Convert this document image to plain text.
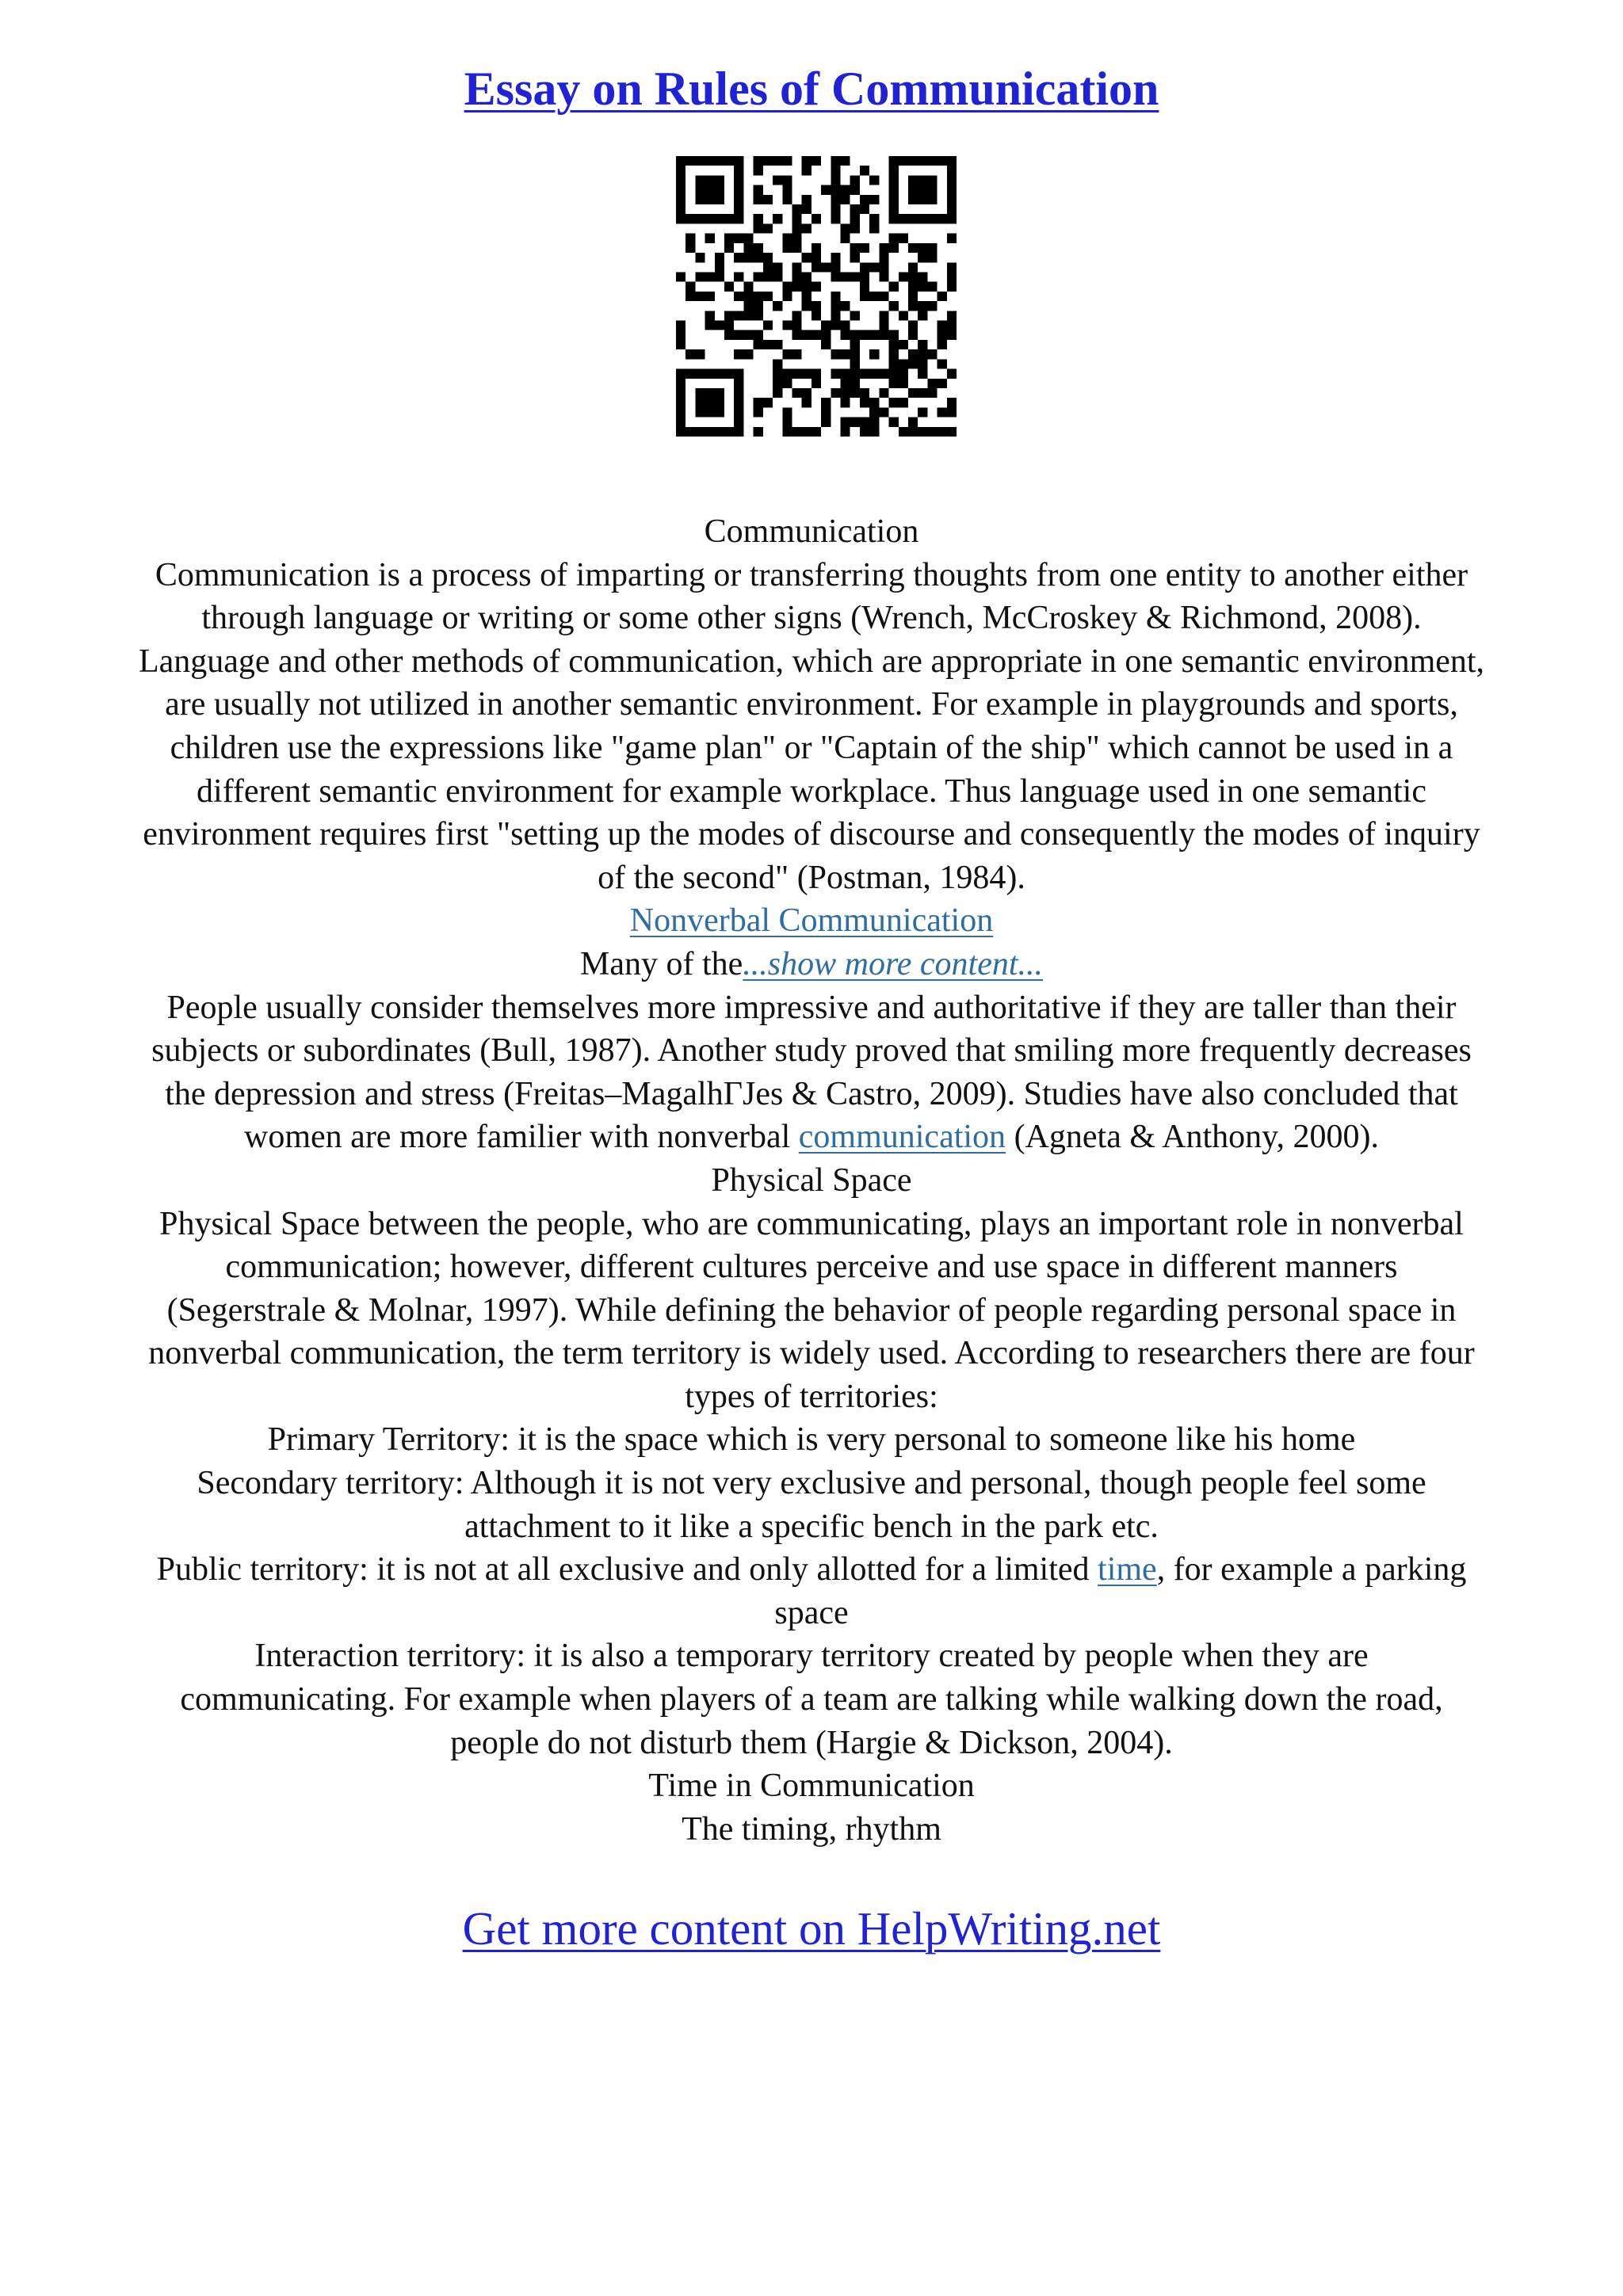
Essay on Rules of Communication
Communication
Communication is a process of imparting or transferring thoughts from one entity to another either
through language or writing or some other signs (Wrench, McCroskey & Richmond, 2008).
Language and other methods of communication, which are appropriate in one semantic environment,
are usually not utilized in another semantic environment. For example in playgrounds and sports,
children use the expressions like "game plan" or "Captain of the ship" which cannot be used in a
different semantic environment for example workplace. Thus language used in one semantic
environment requires first "setting up the modes of discourse and consequently the modes of inquiry
of the second" (Postman, 1984).
Nonverbal Communication
Many of the...show more content...
People usually consider themselves more impressive and authoritative if they are taller than their
subjects or subordinates (Bull, 1987). Another study proved that smiling more frequently decreases
the depression and stress (Freitas–MagalhΓJes & Castro, 2009). Studies have also concluded that
women are more familier with nonverbal communication (Agneta & Anthony, 2000).
Physical Space
Physical Space between the people, who are communicating, plays an important role in nonverbal
communication; however, different cultures perceive and use space in different manners
(Segerstrale & Molnar, 1997). While defining the behavior of people regarding personal space in
nonverbal communication, the term territory is widely used. According to researchers there are four
types of territories:
Primary Territory: it is the space which is very personal to someone like his home
Secondary territory: Although it is not very exclusive and personal, though people feel some
attachment to it like a specific bench in the park etc.
Public territory: it is not at all exclusive and only allotted for a limited time, for example a parking
space
Interaction territory: it is also a temporary territory created by people when they are
communicating. For example when players of a team are talking while walking down the road,
people do not disturb them (Hargie & Dickson, 2004).
Time in Communication
The timing, rhythm
Get more content on HelpWriting.net
